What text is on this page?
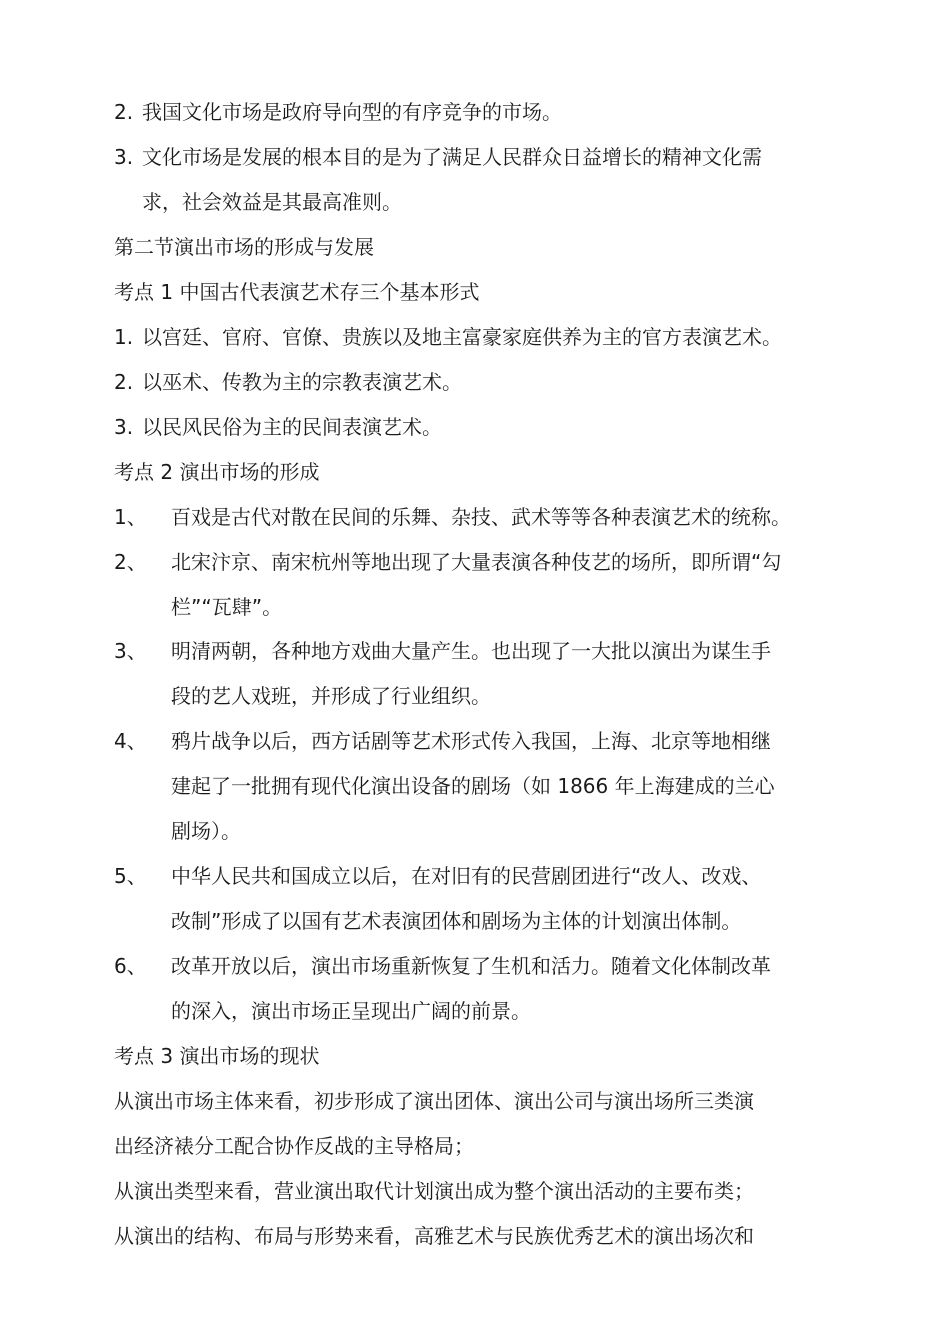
2. 我国文化市场是政府导向型的有序竞争的市场。
3. 文化市场是发展的根本目的是为了满足人民群众日益增长的精神文化需
求，社会效益是其最高准则。
第二节演出市场的形成与发展
考点 1 中国古代表演艺术存三个基本形式
1. 以宫廷、官府、官僚、贵族以及地主富豪家庭供养为主的官方表演艺术。
2. 以巫术、传教为主的宗教表演艺术。
3. 以民风民俗为主的民间表演艺术。
考点 2 演出市场的形成
1、 百戏是古代对散在民间的乐舞、杂技、武术等等各种表演艺术的统称。
2、 北宋汴京、南宋杭州等地出现了大量表演各种伎艺的场所，即所谓“勾
栏”“瓦肆”。
3、 明清两朝，各种地方戏曲大量产生。也出现了一大批以演出为谋生手
段的艺人戏班，并形成了行业组织。
4、 鸦片战争以后，西方话剧等艺术形式传入我国，上海、北京等地相继
建起了一批拥有现代化演出设备的剧场（如 1866 年上海建成的兰心
剧场）。
5、 中华人民共和国成立以后，在对旧有的民营剧团进行“改人、改戏、
改制”形成了以国有艺术表演团体和剧场为主体的计划演出体制。
6、 改革开放以后，演出市场重新恢复了生机和活力。随着文化体制改革
的深入，演出市场正呈现出广阔的前景。
考点 3 演出市场的现状
从演出市场主体来看，初步形成了演出团体、演出公司与演出场所三类演
出经济裱分工配合协作反战的主导格局；
从演出类型来看，营业演出取代计划演出成为整个演出活动的主要布类；
从演出的结构、布局与形势来看，高雅艺术与民族优秀艺术的演出场次和
